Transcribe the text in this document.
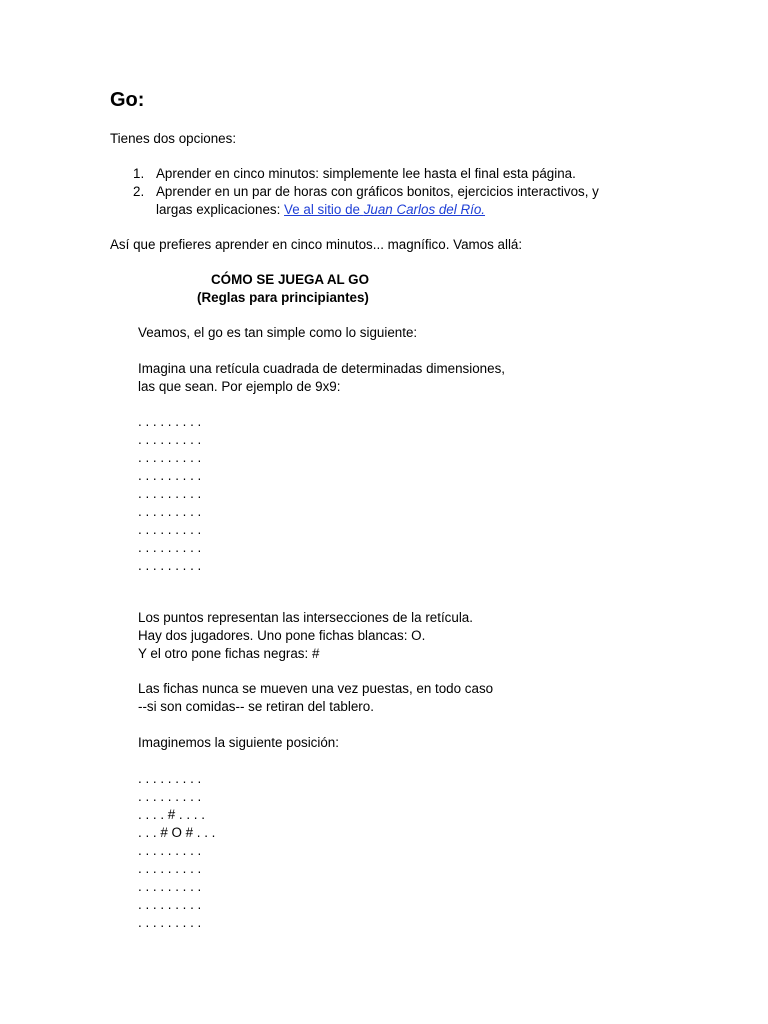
Go:
Tienes dos opciones:
1. Aprender en cinco minutos: simplemente lee hasta el final esta página.
2. Aprender en un par de horas con gráficos bonitos, ejercicios interactivos, y
largas explicaciones: Ve al sitio de Juan Carlos del Río.
Así que prefieres aprender en cinco minutos... magnífico. Vamos allá:
CÓMO SE JUEGA AL GO
(Reglas para principiantes)
Veamos, el go es tan simple como lo siguiente:
Imagina una retícula cuadrada de determinadas dimensiones,
las que sean. Por ejemplo de 9x9:
. . . . . . . . .
. . . . . . . . .
. . . . . . . . .
. . . . . . . . .
. . . . . . . . .
. . . . . . . . .
. . . . . . . . .
. . . . . . . . .
. . . . . . . . .
Los puntos representan las intersecciones de la retícula.
Hay dos jugadores. Uno pone fichas blancas: O.
Y el otro pone fichas negras: #
Las fichas nunca se mueven una vez puestas, en todo caso
--si son comidas-- se retiran del tablero.
Imaginemos la siguiente posición:
. . . . . . . . .
. . . . . . . . .
. . . . # . . . .
. . . # O # . . .
. . . . . . . . .
. . . . . . . . .
. . . . . . . . .
. . . . . . . . .
. . . . . . . . .
